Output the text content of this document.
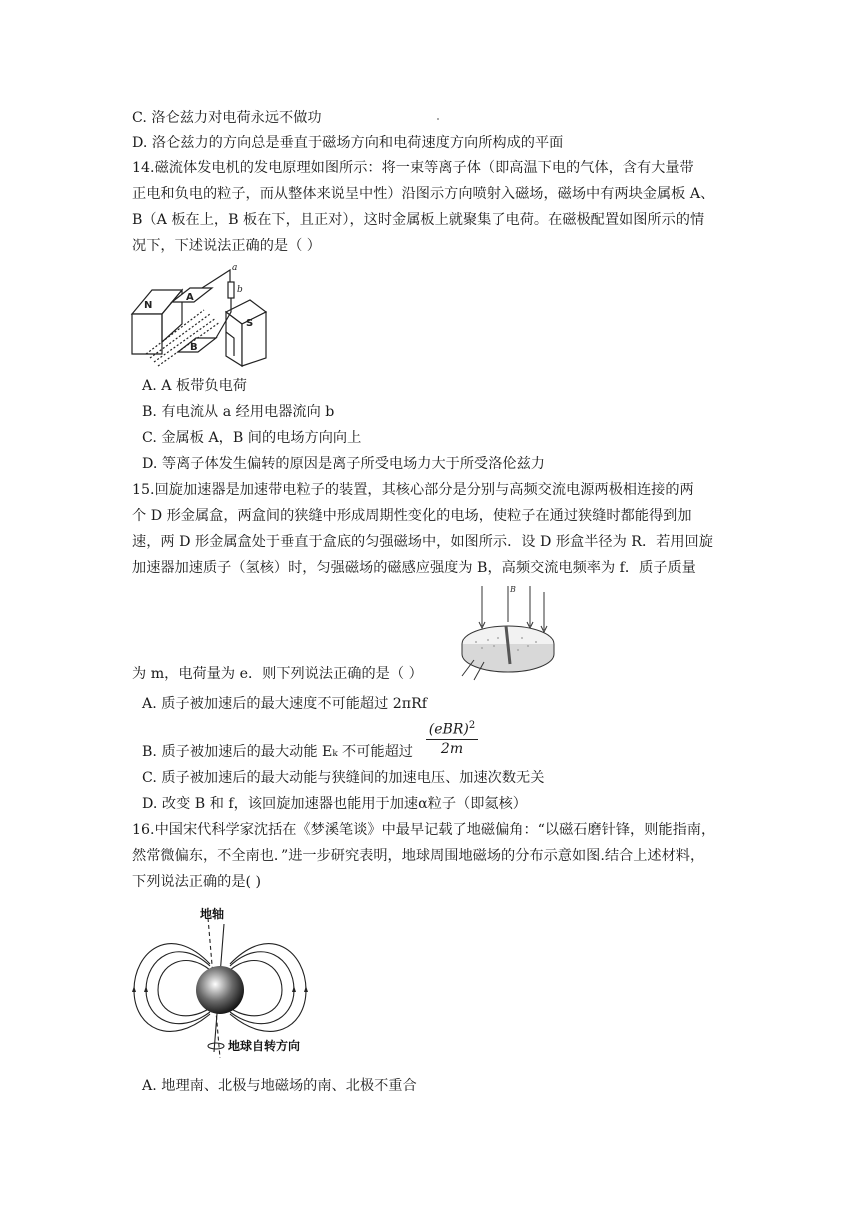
C. 洛仑兹力对电荷永远不做功
D. 洛仑兹力的方向总是垂直于磁场方向和电荷速度方向所构成的平面
14.磁流体发电机的发电原理如图所示：将一束等离子体（即高温下电的气体，含有大量带
正电和负电的粒子，而从整体来说呈中性）沿图示方向喷射入磁场，磁场中有两块金属板 A、
B（A 板在上，B 板在下，且正对），这时金属板上就聚集了电荷。在磁极配置如图所示的情
况下，下述说法正确的是（ ）
N
S
A
B
a
b
A. A 板带负电荷
B. 有电流从 a 经用电器流向 b
C. 金属板 A，B 间的电场方向向上
D. 等离子体发生偏转的原因是离子所受电场力大于所受洛伦兹力
15.回旋加速器是加速带电粒子的装置，其核心部分是分别与高频交流电源两极相连接的两
个 D 形金属盒，两盒间的狭缝中形成周期性变化的电场，使粒子在通过狭缝时都能得到加
速，两 D 形金属盒处于垂直于盒底的匀强磁场中，如图所示．设 D 形盒半径为 R．若用回旋
加速器加速质子（氢核）时，匀强磁场的磁感应强度为 B，高频交流电频率为 f．质子质量
B
为 m，电荷量为 e．则下列说法正确的是（ ）
A. 质子被加速后的最大速度不可能超过 2πRf
B. 质子被加速后的最大动能 Eₖ 不可能超过
(eBR)$^2$
2m
C. 质子被加速后的最大动能与狭缝间的加速电压、加速次数无关
D. 改变 B 和 f，该回旋加速器也能用于加速α粒子（即氦核）
16.中国宋代科学家沈括在《梦溪笔谈》中最早记载了地磁偏角：“以磁石磨针锋，则能指南，
然常微偏东，不全南也．”进一步研究表明，地球周围地磁场的分布示意如图.结合上述材料，
下列说法正确的是( )
地轴
地球自转方向
A. 地理南、北极与地磁场的南、北极不重合
